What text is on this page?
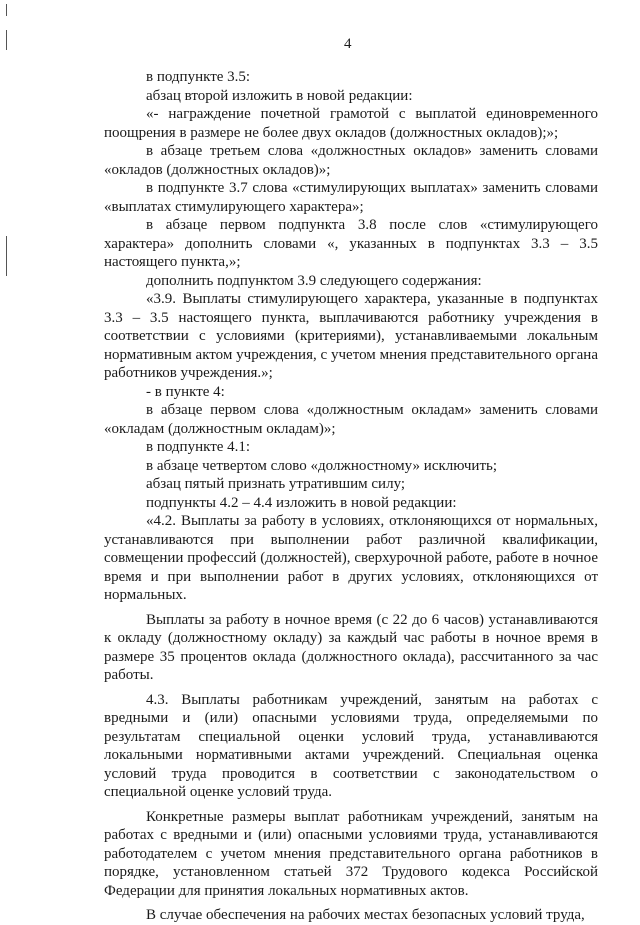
4

в подпункте 3.5:

абзац второй изложить в новой редакции:

«- награждение почетной грамотой с выплатой единовременного поощрения в размере не более двух окладов (должностных окладов);»;

в абзаце третьем слова «должностных окладов» заменить словами «окладов (должностных окладов)»;

в подпункте 3.7 слова «стимулирующих выплатах» заменить словами «выплатах стимулирующего характера»;

в абзаце первом подпункта 3.8 после слов «стимулирующего характера» дополнить словами «, указанных в подпунктах 3.3 – 3.5 настоящего пункта,»;

дополнить подпунктом 3.9 следующего содержания:

«3.9. Выплаты стимулирующего характера, указанные в подпунктах 3.3 – 3.5 настоящего пункта, выплачиваются работнику учреждения в соответствии с условиями (критериями), устанавливаемыми локальным нормативным актом учреждения, с учетом мнения представительного органа работников учреждения.»;

- в пункте 4:

в абзаце первом слова «должностным окладам» заменить словами «окладам (должностным окладам)»;

в подпункте 4.1:

в абзаце четвертом слово «должностному» исключить;

абзац пятый признать утратившим силу;

подпункты 4.2 – 4.4 изложить в новой редакции:

«4.2. Выплаты за работу в условиях, отклоняющихся от нормальных, устанавливаются при выполнении работ различной квалификации, совмещении профессий (должностей), сверхурочной работе, работе в ночное время и при выполнении работ в других условиях, отклоняющихся от нормальных.

Выплаты за работу в ночное время (с 22 до 6 часов) устанавливаются к окладу (должностному окладу) за каждый час работы в ночное время в размере 35 процентов оклада (должностного оклада), рассчитанного за час работы.

4.3. Выплаты работникам учреждений, занятым на работах с вредными и (или) опасными условиями труда, определяемыми по результатам специальной оценки условий труда, устанавливаются локальными нормативными актами учреждений. Специальная оценка условий труда проводится в соответствии с законодательством о специальной оценке условий труда.

Конкретные размеры выплат работникам учреждений, занятым на работах с вредными и (или) опасными условиями труда, устанавливаются работодателем с учетом мнения представительного органа работников в порядке, установленном статьей 372 Трудового кодекса Российской Федерации для принятия локальных нормативных актов.

В случае обеспечения на рабочих местах безопасных условий труда,
